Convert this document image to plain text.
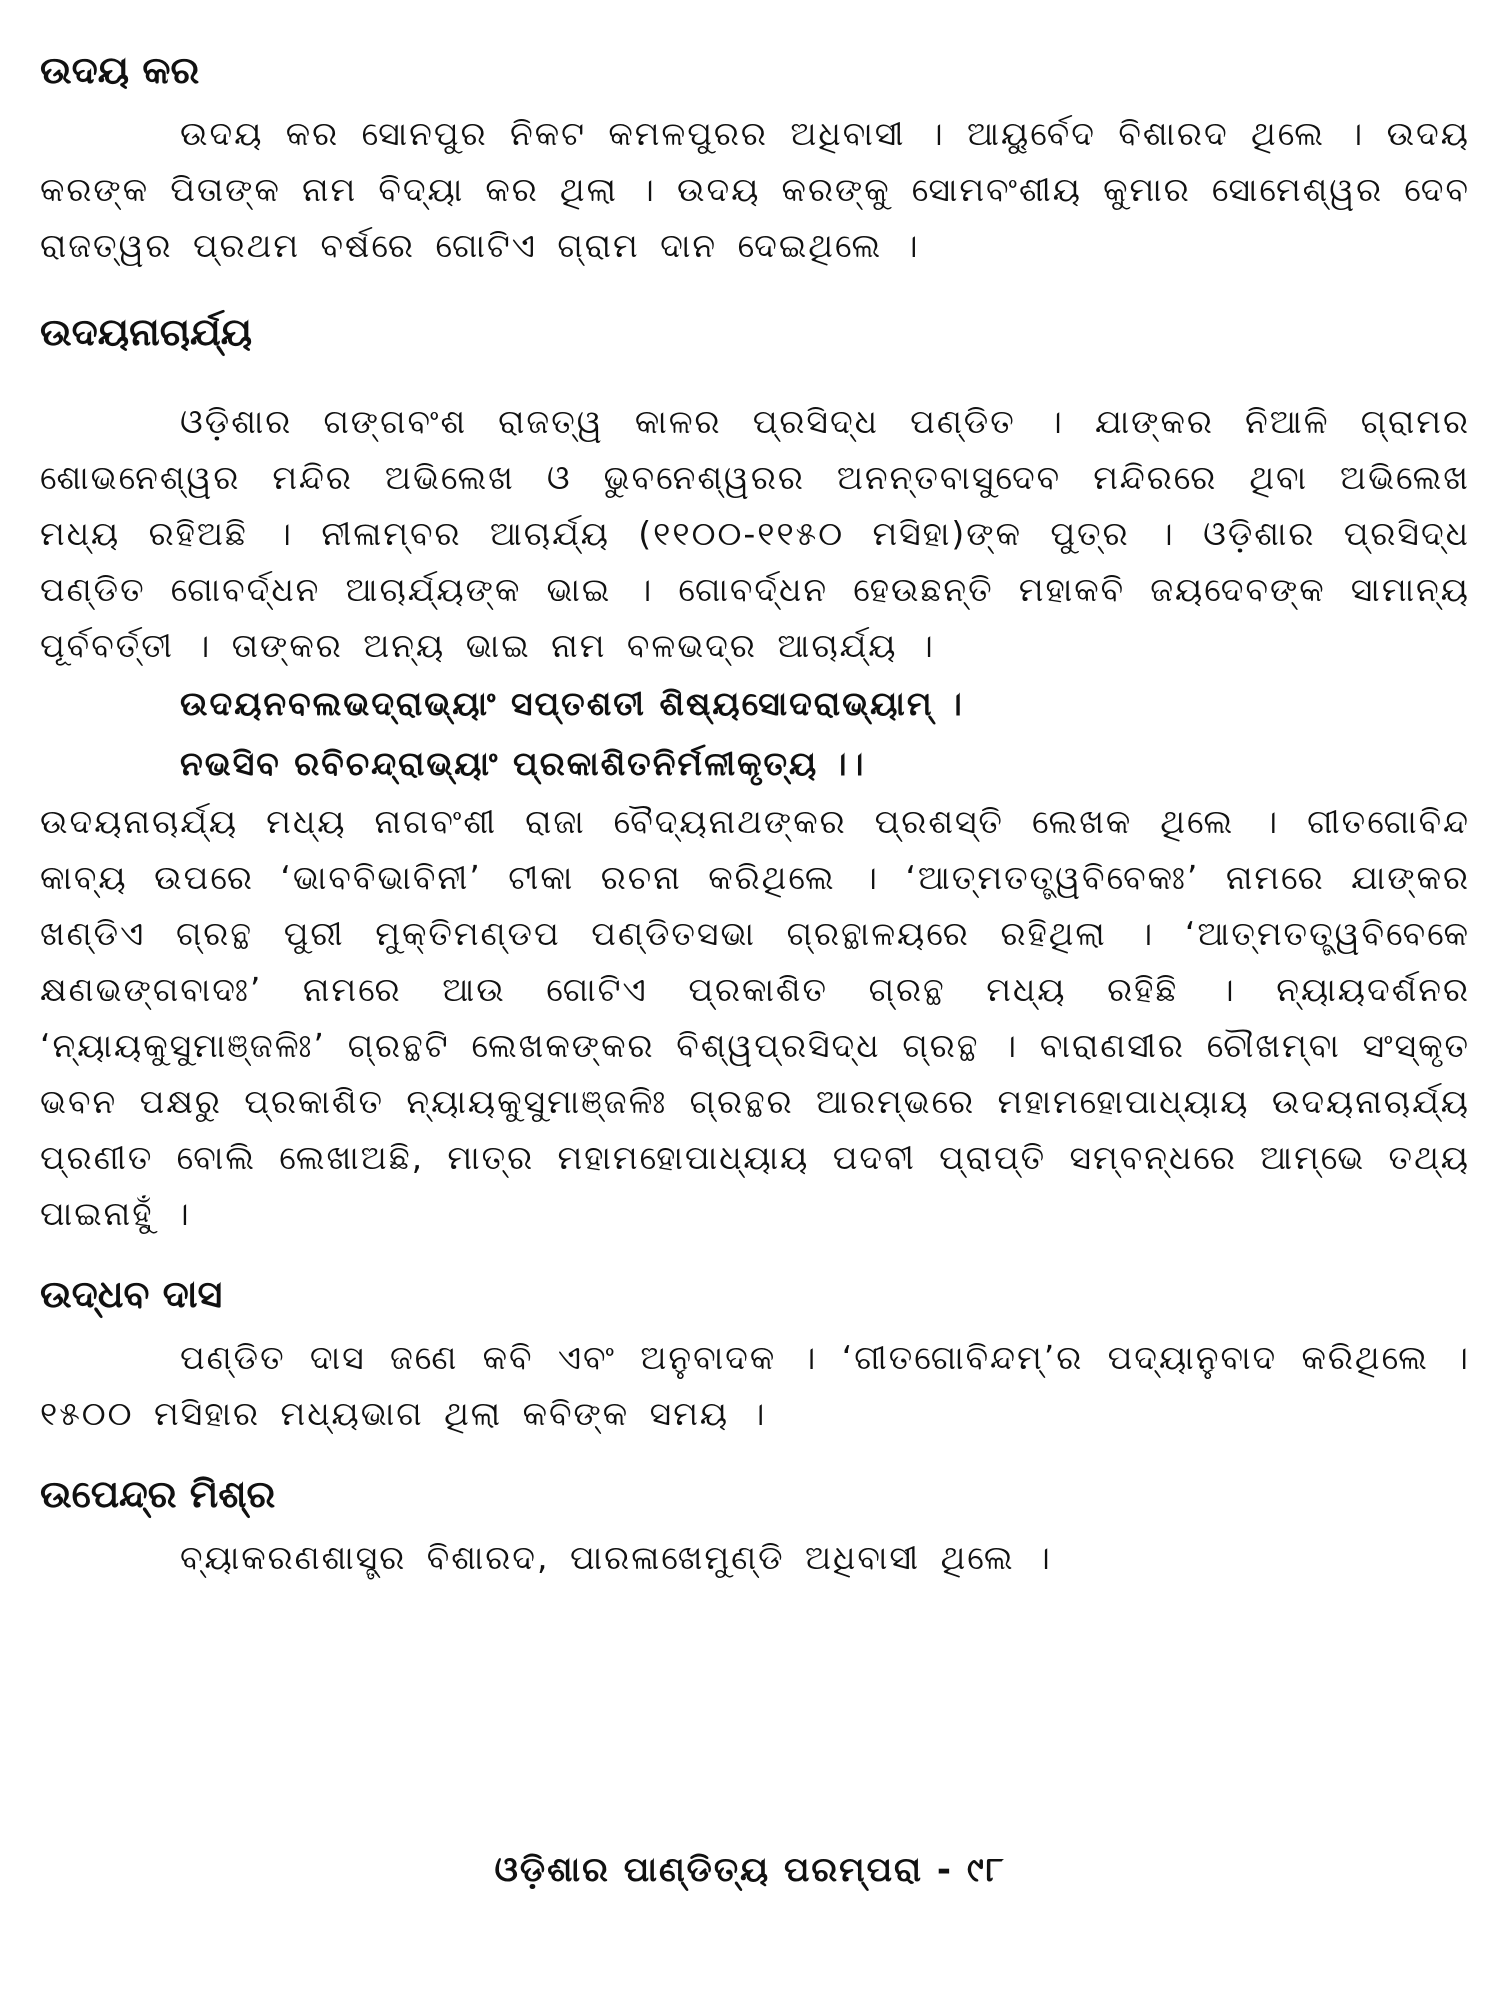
ଉଦୟ କର

ଉଦୟ କର ସୋନପୁର ନିକଟ କମଳପୁରର ଅଧିବାସୀ । ଆୟୁର୍ବେଦ ବିଶାରଦ ଥିଲେ । ଉଦୟ କରଙ୍କ ପିତାଙ୍କ ନାମ ବିଦ୍ୟା କର ଥିଲା । ଉଦୟ କରଙ୍କୁ ସୋମବଂଶୀୟ କୁମାର ସୋମେଶ୍ୱର ଦେବ ରାଜତ୍ୱର ପ୍ରଥମ ବର୍ଷରେ ଗୋଟିଏ ଗ୍ରାମ ଦାନ ଦେଇଥିଲେ ।

ଉଦୟନାଚାର୍ଯ୍ୟ

ଓଡ଼ିଶାର ଗଙ୍ଗବଂଶ ରାଜତ୍ୱ କାଳର ପ୍ରସିଦ୍ଧ ପଣ୍ଡିତ । ଯାଙ୍କର ନିଆଳି ଗ୍ରାମର ଶୋଭନେଶ୍ୱର ମନ୍ଦିର ଅଭିଲେଖ ଓ ଭୁବନେଶ୍ୱରର ଅନନ୍ତବାସୁଦେବ ମନ୍ଦିରରେ ଥିବା ଅଭିଲେଖ ମଧ୍ୟ ରହିଅଛି । ନୀଳାମ୍ବର ଆଚାର୍ଯ୍ୟ (୧୧୦୦-୧୧୫୦ ମସିହା)ଙ୍କ ପୁତ୍ର । ଓଡ଼ିଶାର ପ୍ରସିଦ୍ଧ ପଣ୍ଡିତ ଗୋବର୍ଦ୍ଧନ ଆଚାର୍ଯ୍ୟଙ୍କ ଭାଇ । ଗୋବର୍ଦ୍ଧନ ହେଉଛନ୍ତି ମହାକବି ଜୟଦେବଙ୍କ ସାମାନ୍ୟ ପୂର୍ବବର୍ତ୍ତୀ । ତାଙ୍କର ଅନ୍ୟ ଭାଇ ନାମ ବଳଭଦ୍ର ଆଚାର୍ଯ୍ୟ ।

ଉଦୟନବଲଭଦ୍ରାଭ୍ୟାଂ ସପ୍ତଶତୀ ଶିଷ୍ୟସୋଦରାଭ୍ୟାମ୍ ।

ନଭସିବ ରବିଚନ୍ଦ୍ରାଭ୍ୟାଂ ପ୍ରକାଶିତନିର୍ମଳୀକୃତ୍ୟ ।।

ଉଦୟନାଚାର୍ଯ୍ୟ ମଧ୍ୟ ନାଗବଂଶୀ ରାଜା ବୈଦ୍ୟନାଥଙ୍କର ପ୍ରଶସ୍ତି ଲେଖକ ଥିଲେ । ଗୀତଗୋବିନ୍ଦ କାବ୍ୟ ଉପରେ ‘ଭାବବିଭାବିନୀ’ ଟୀକା ରଚନା କରିଥିଲେ । ‘ଆତ୍ମତତ୍ତ୍ୱବିବେକଃ’ ନାମରେ ଯାଙ୍କର ଖଣ୍ଡିଏ ଗ୍ରନ୍ଥ ପୁରୀ ମୁକ୍ତିମଣ୍ଡପ ପଣ୍ଡିତସଭା ଗ୍ରନ୍ଥାଳୟରେ ରହିଥିଲା । ‘ଆତ୍ମତତ୍ତ୍ୱବିବେକେ କ୍ଷଣଭଙ୍ଗବାଦଃ’ ନାମରେ ଆଉ ଗୋଟିଏ ପ୍ରକାଶିତ ଗ୍ରନ୍ଥ ମଧ୍ୟ ରହିଛି । ନ୍ୟାୟଦର୍ଶନର ‘ନ୍ୟାୟକୁସୁମାଞ୍ଜଳିଃ’ ଗ୍ରନ୍ଥଟି ଲେଖକଙ୍କର ବିଶ୍ୱପ୍ରସିଦ୍ଧ ଗ୍ରନ୍ଥ । ବାରାଣସୀର ଚୌଖମ୍ବା ସଂସ୍କୃତ ଭବନ ପକ୍ଷରୁ ପ୍ରକାଶିତ ନ୍ୟାୟକୁସୁମାଞ୍ଜଳିଃ ଗ୍ରନ୍ଥର ଆରମ୍ଭରେ ମହାମହୋପାଧ୍ୟାୟ ଉଦୟନାଚାର୍ଯ୍ୟ ପ୍ରଣୀତ ବୋଲି ଲେଖାଅଛି, ମାତ୍ର ମହାମହୋପାଧ୍ୟାୟ ପଦବୀ ପ୍ରାପ୍ତି ସମ୍ବନ୍ଧରେ ଆମ୍ଭେ ତଥ୍ୟ ପାଇନାହୁଁ ।

ଉଦ୍ଧବ ଦାସ

ପଣ୍ଡିତ ଦାସ ଜଣେ କବି ଏବଂ ଅନୁବାଦକ । ‘ଗୀତଗୋବିନ୍ଦମ୍’ର ପଦ୍ୟାନୁବାଦ କରିଥିଲେ । ୧୫୦୦ ମସିହାର ମଧ୍ୟଭାଗ ଥିଲା କବିଙ୍କ ସମୟ ।

ଉପେନ୍ଦ୍ର ମିଶ୍ର

ବ୍ୟାକରଣଶାସ୍ତ୍ର ବିଶାରଦ, ପାରଳାଖେମୁଣ୍ଡି ଅଧିବାସୀ ଥିଲେ ।

ଓଡ଼ିଶାର ପାଣ୍ଡିତ୍ୟ ପରମ୍ପରା - ୯୮
